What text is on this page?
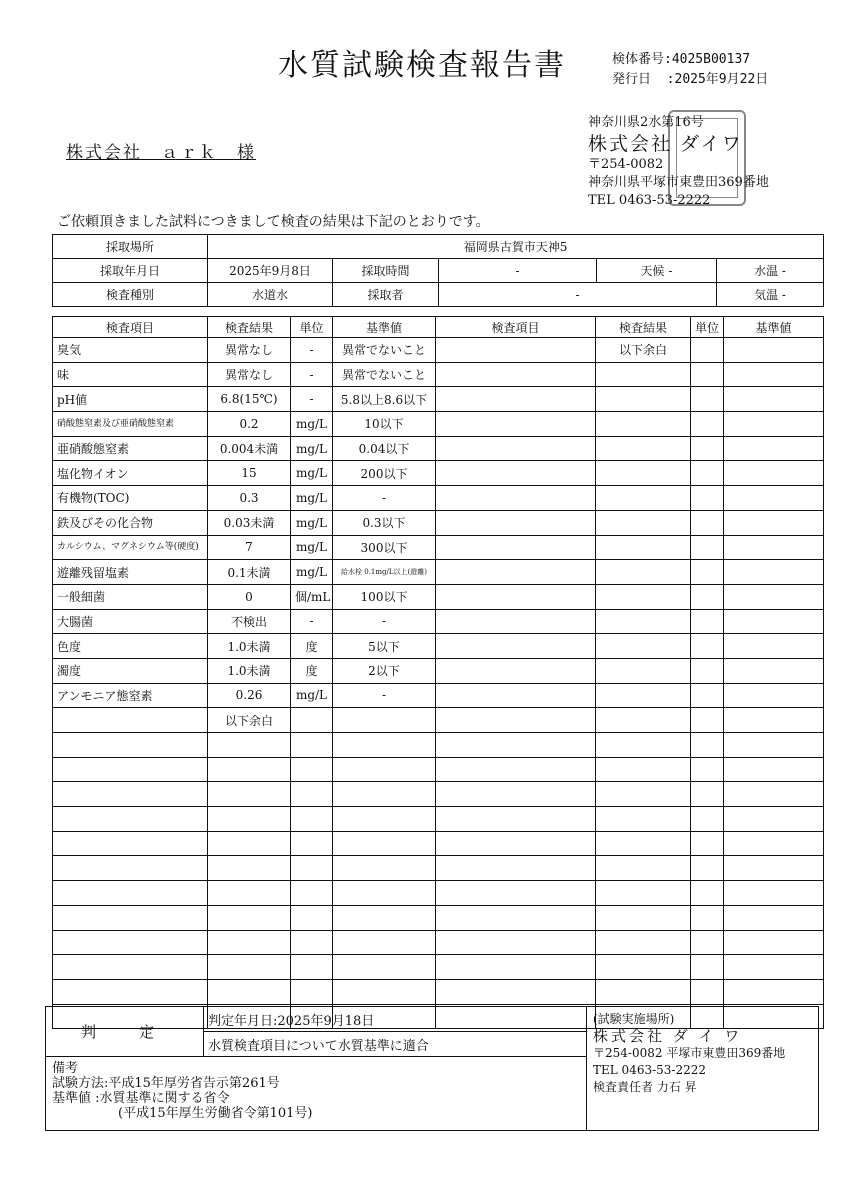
水質試験検査報告書	検体番号:4025B00137
発行日  :2025年9月22日
株式会社　ａｒｋ　様
神奈川県2水第16号
株式会社 ダイワ
〒254-0082
神奈川県平塚市東豊田369番地
TEL 0463-53-2222
ご依頼頂きました試料につきまして検査の結果は下記のとおりです。
採取場所	福岡県古賀市天神5				
採取年月日	2025年9月8日	採取時間	-	天候 -	水温 -
検査種別	水道水	採取者	-		気温 -
検査項目	検査結果	単位	基準値	検査項目	検査結果	単位	基準値
臭気	異常なし	-	異常でないこと		以下余白		
味	異常なし	-	異常でないこと				
pH値	6.8(15℃)	-	5.8以上8.6以下				
硝酸態窒素及び亜硝酸態窒素	0.2	mg/L	10以下				
亜硝酸態窒素	0.004未満	mg/L	0.04以下				
塩化物イオン	15	mg/L	200以下				
有機物(TOC)	0.3	mg/L	-				
鉄及びその化合物	0.03未満	mg/L	0.3以下				
カルシウム、マグネシウム等(硬度)	7	mg/L	300以下				
遊離残留塩素	0.1未満	mg/L	給水栓 0.1mg/L以上(遊離)				
一般細菌	0	個/mL	100以下				
大腸菌	不検出	-	-				
色度	1.0未満	度	5以下				
濁度	1.0未満	度	2以下				
アンモニア態窒素	0.26	mg/L	-				
	以下余白						

判　定	判定年月日:2025年9月18日	(試験実施場所)
株式会社 ダ イ ワ
〒254-0082 平塚市東豊田369番地
TEL 0463-53-2222
検査責任者 力石 昇

水質検査項目について水質基準に適合

備考
試験方法:平成15年厚労省告示第261号
基準値 :水質基準に関する省令
(平成15年厚生労働省令第101号)
